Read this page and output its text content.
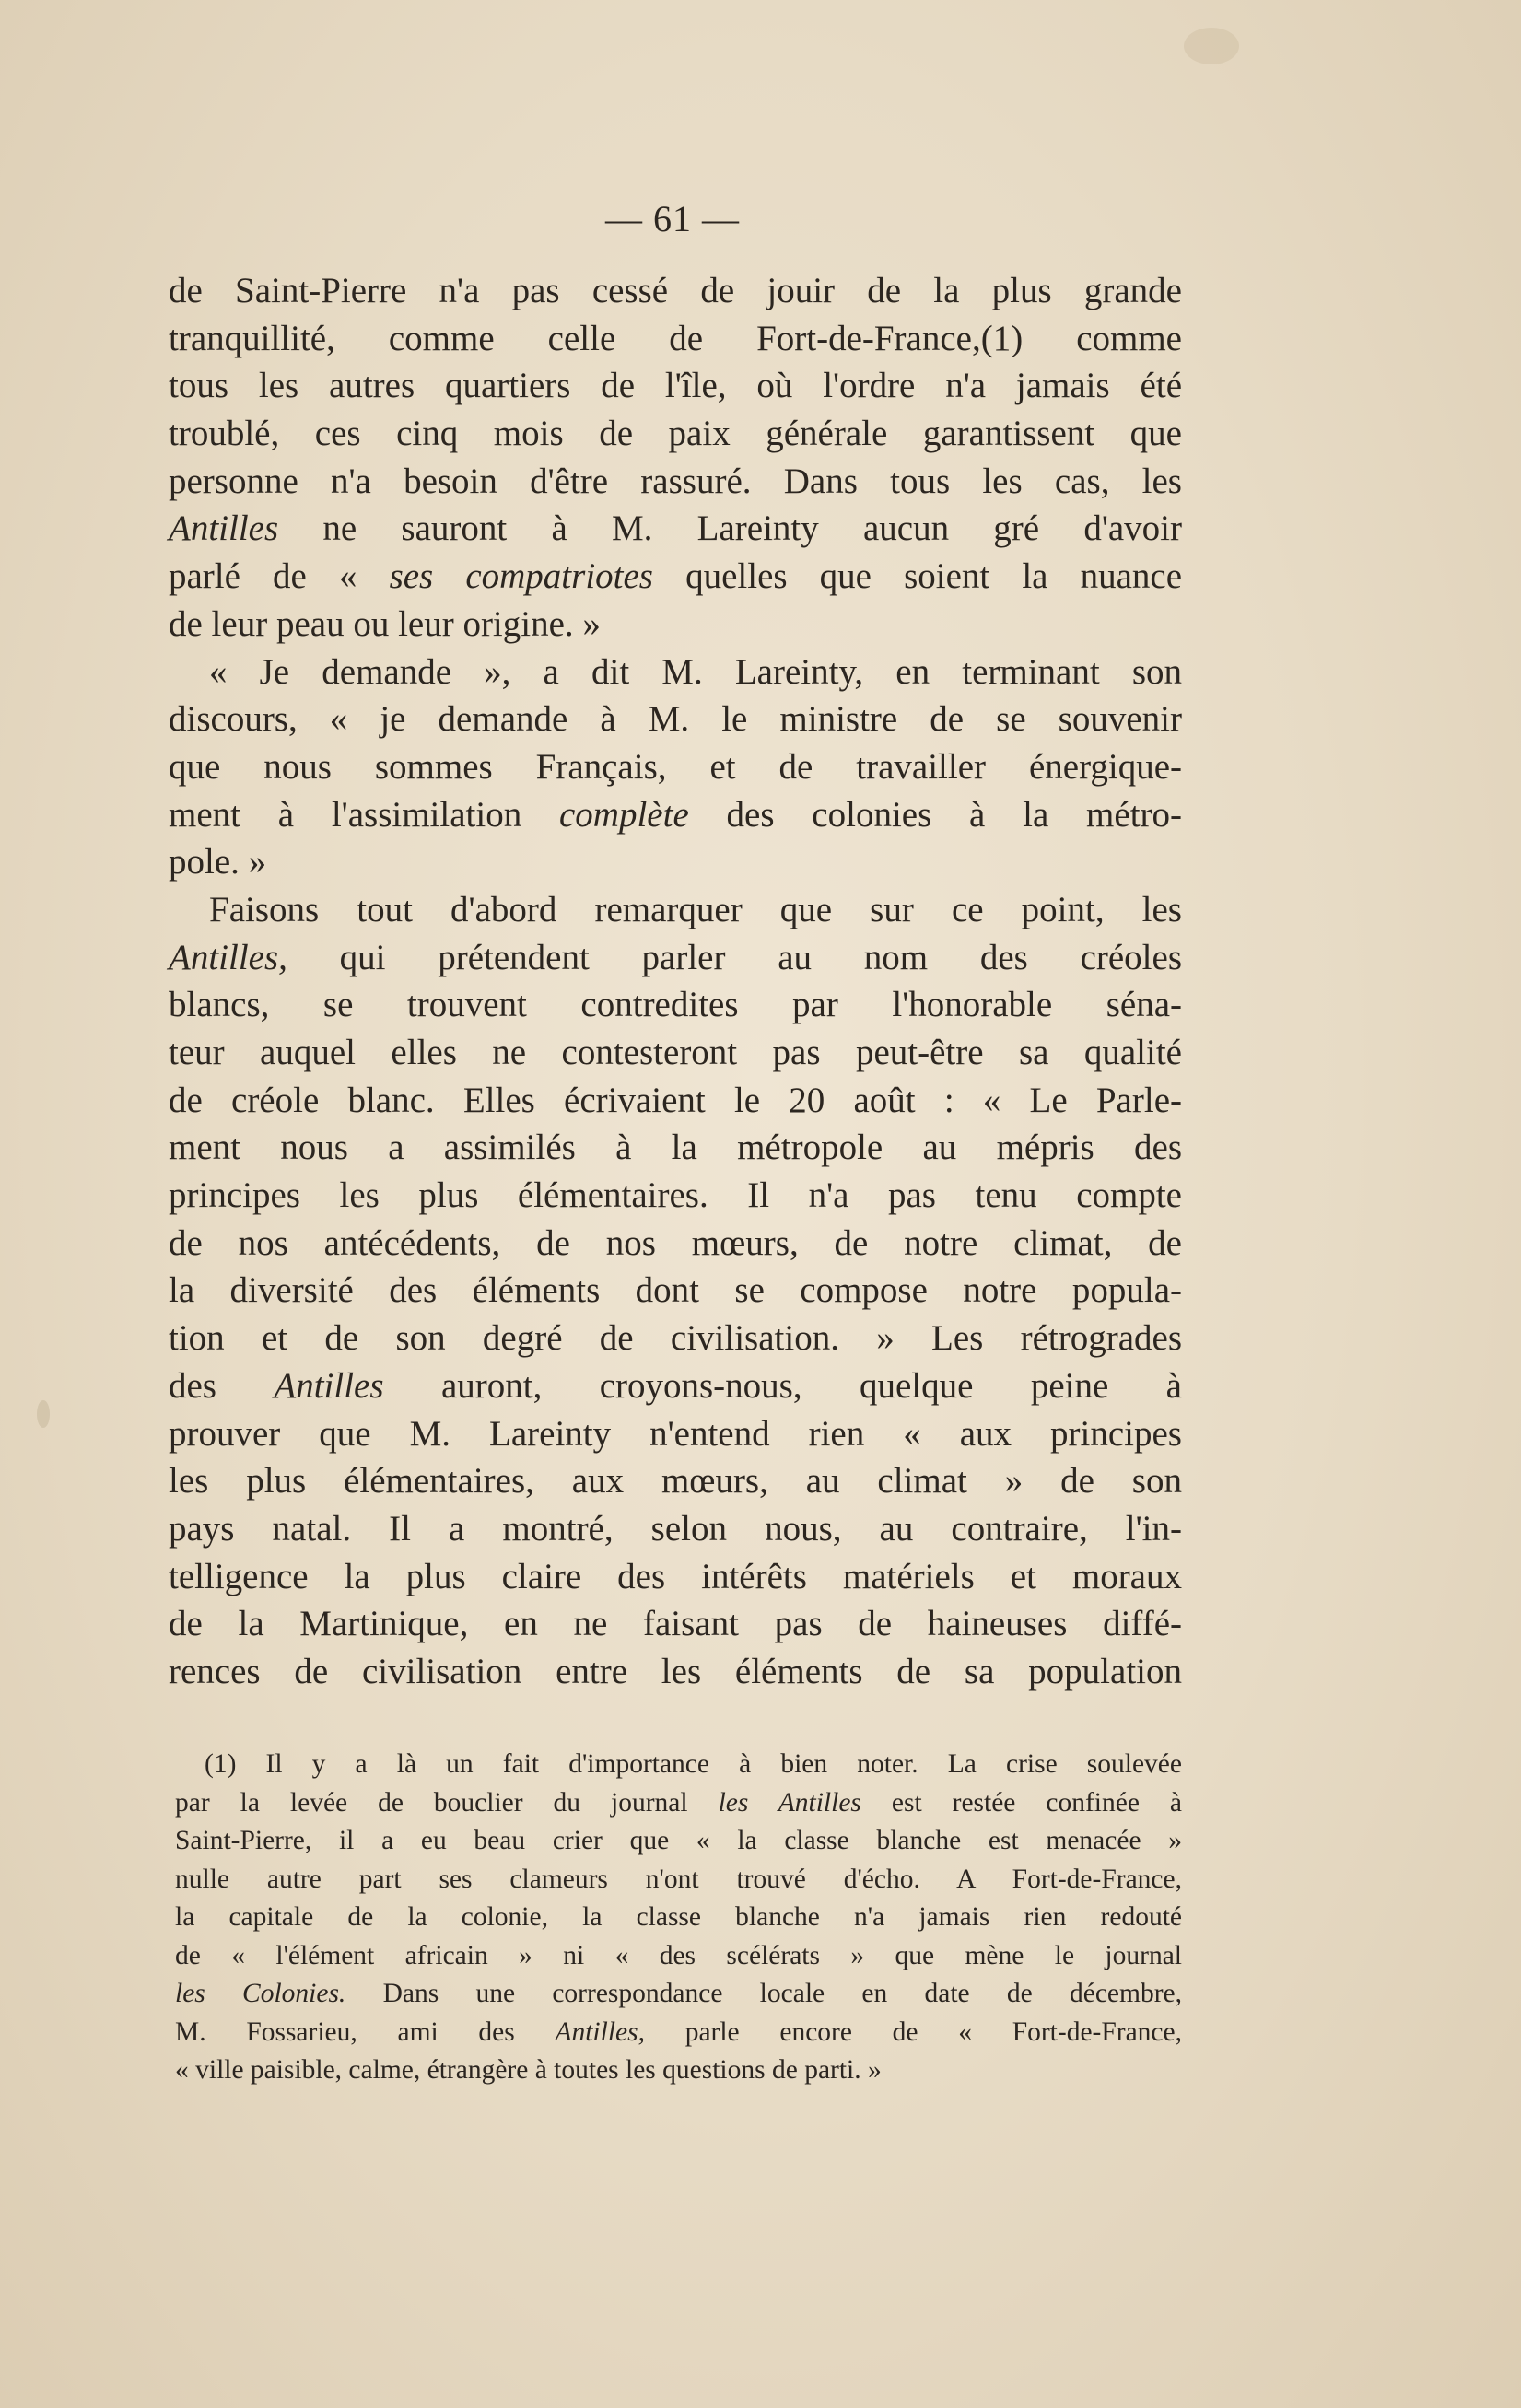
— 61 —
de Saint-Pierre n'a pas cessé de jouir de la plus grande
tranquillité, comme celle de Fort-de-France,(1) comme
tous les autres quartiers de l'île, où l'ordre n'a jamais été
troublé, ces cinq mois de paix générale garantissent que
personne n'a besoin d'être rassuré. Dans tous les cas, les
Antilles ne sauront à M. Lareinty aucun gré d'avoir
parlé de « ses compatriotes quelles que soient la nuance
de leur peau ou leur origine. »
« Je demande », a dit M. Lareinty, en terminant son
discours, « je demande à M. le ministre de se souvenir
que nous sommes Français, et de travailler énergique-
ment à l'assimilation complète des colonies à la métro-
pole. »
Faisons tout d'abord remarquer que sur ce point, les
Antilles, qui prétendent parler au nom des créoles
blancs, se trouvent contredites par l'honorable séna-
teur auquel elles ne contesteront pas peut-être sa qualité
de créole blanc. Elles écrivaient le 20 août : « Le Parle-
ment nous a assimilés à la métropole au mépris des
principes les plus élémentaires. Il n'a pas tenu compte
de nos antécédents, de nos mœurs, de notre climat, de
la diversité des éléments dont se compose notre popula-
tion et de son degré de civilisation. » Les rétrogrades
des Antilles auront, croyons-nous, quelque peine à
prouver que M. Lareinty n'entend rien « aux principes
les plus élémentaires, aux mœurs, au climat » de son
pays natal. Il a montré, selon nous, au contraire, l'in-
telligence la plus claire des intérêts matériels et moraux
de la Martinique, en ne faisant pas de haineuses diffé-
rences de civilisation entre les éléments de sa population
(1) Il y a là un fait d'importance à bien noter. La crise soulevée
par la levée de bouclier du journal les Antilles est restée confinée à
Saint-Pierre, il a eu beau crier que « la classe blanche est menacée »
nulle autre part ses clameurs n'ont trouvé d'écho. A Fort-de-France,
la capitale de la colonie, la classe blanche n'a jamais rien redouté
de « l'élément africain » ni « des scélérats » que mène le journal
les Colonies. Dans une correspondance locale en date de décembre,
M. Fossarieu, ami des Antilles, parle encore de « Fort-de-France,
« ville paisible, calme, étrangère à toutes les questions de parti. »
